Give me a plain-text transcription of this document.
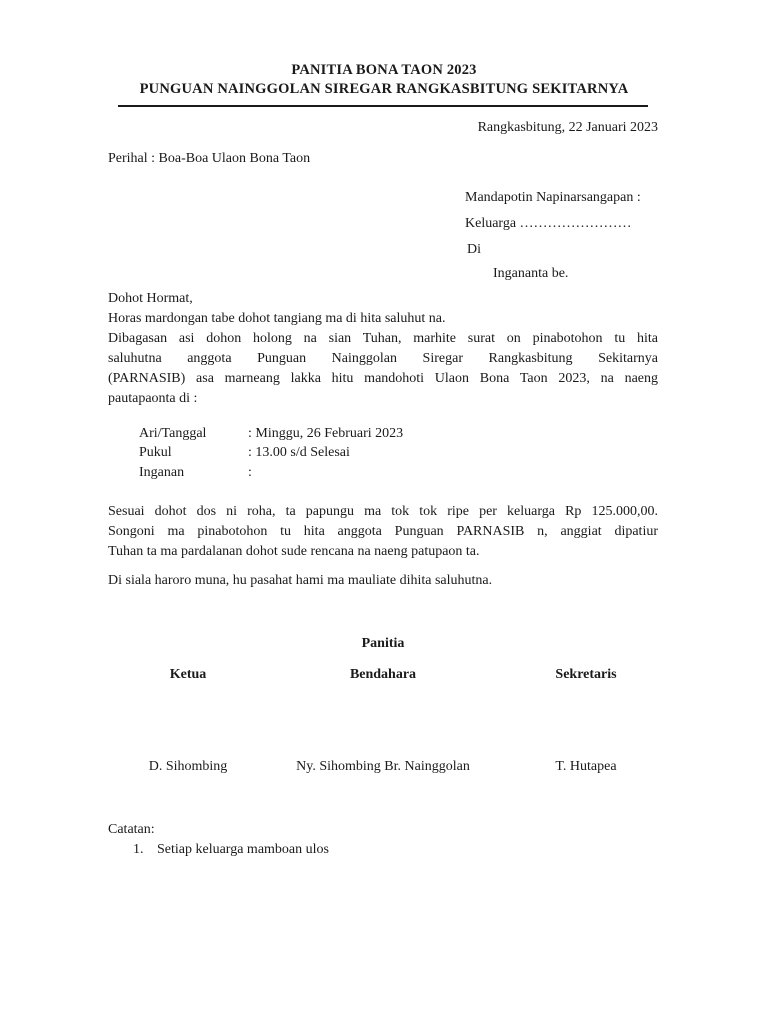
PANITIA BONA TAON 2023
PUNGUAN NAINGGOLAN SIREGAR RANGKASBITUNG SEKITARNYA
Rangkasbitung, 22 Januari 2023
Perihal : Boa-Boa Ulaon Bona Taon
Mandapotin Napinarsangapan :
Keluarga ……………………
Di
Ingananta be.
Dohot Hormat,
Horas mardongan tabe dohot tangiang ma di hita saluhut na.
Dibagasan asi dohon holong na sian Tuhan, marhite surat on pinabotohon tu hita
saluhutna anggota Punguan Nainggolan Siregar Rangkasbitung Sekitarnya
(PARNASIB) asa marneang lakka hitu mandohoti Ulaon Bona Taon 2023, na naeng
pautapaonta di :
Ari/Tanggal	: Minggu, 26 Februari 2023
Pukul	: 13.00 s/d Selesai
Inganan	:
Sesuai dohot dos ni roha, ta papungu ma tok tok ripe per keluarga Rp 125.000,00.
Songoni ma pinabotohon tu hita anggota Punguan PARNASIB n, anggiat dipatiur
Tuhan ta ma pardalanan dohot sude rencana na naeng patupaon ta.
Di siala haroro muna, hu pasahat hami ma mauliate dihita saluhutna.
Panitia
Ketua	Bendahara	Sekretaris
D. Sihombing	Ny. Sihombing Br. Nainggolan	T. Hutapea
Catatan:
1. Setiap keluarga mamboan ulos
